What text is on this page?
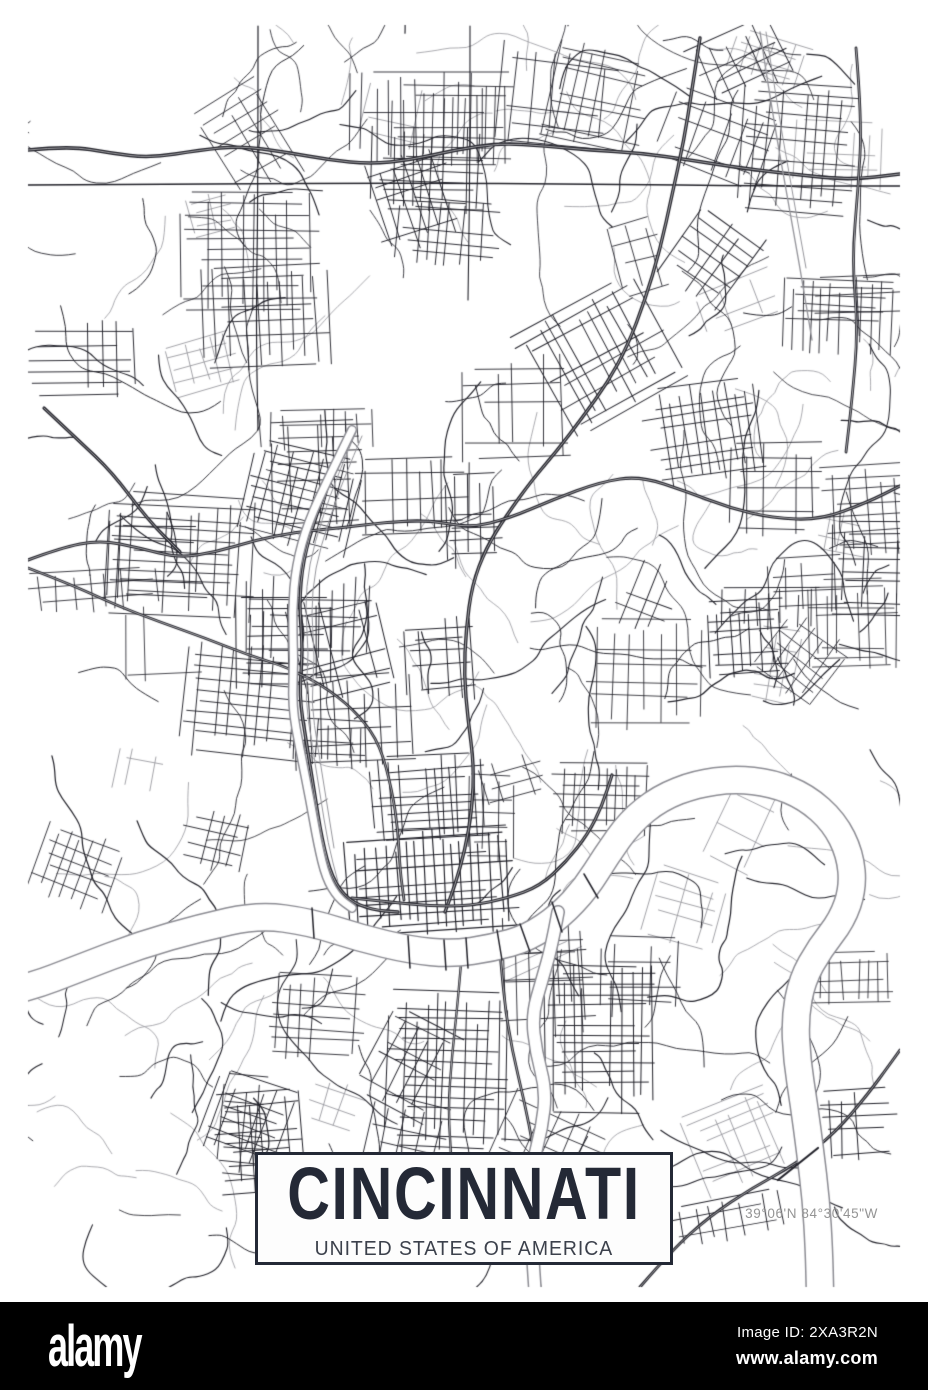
CINCINNATI
UNITED STATES OF AMERICA
39°06'N 84°30'45"W
alamy	Image ID: 2XA3R2N
www.alamy.com
